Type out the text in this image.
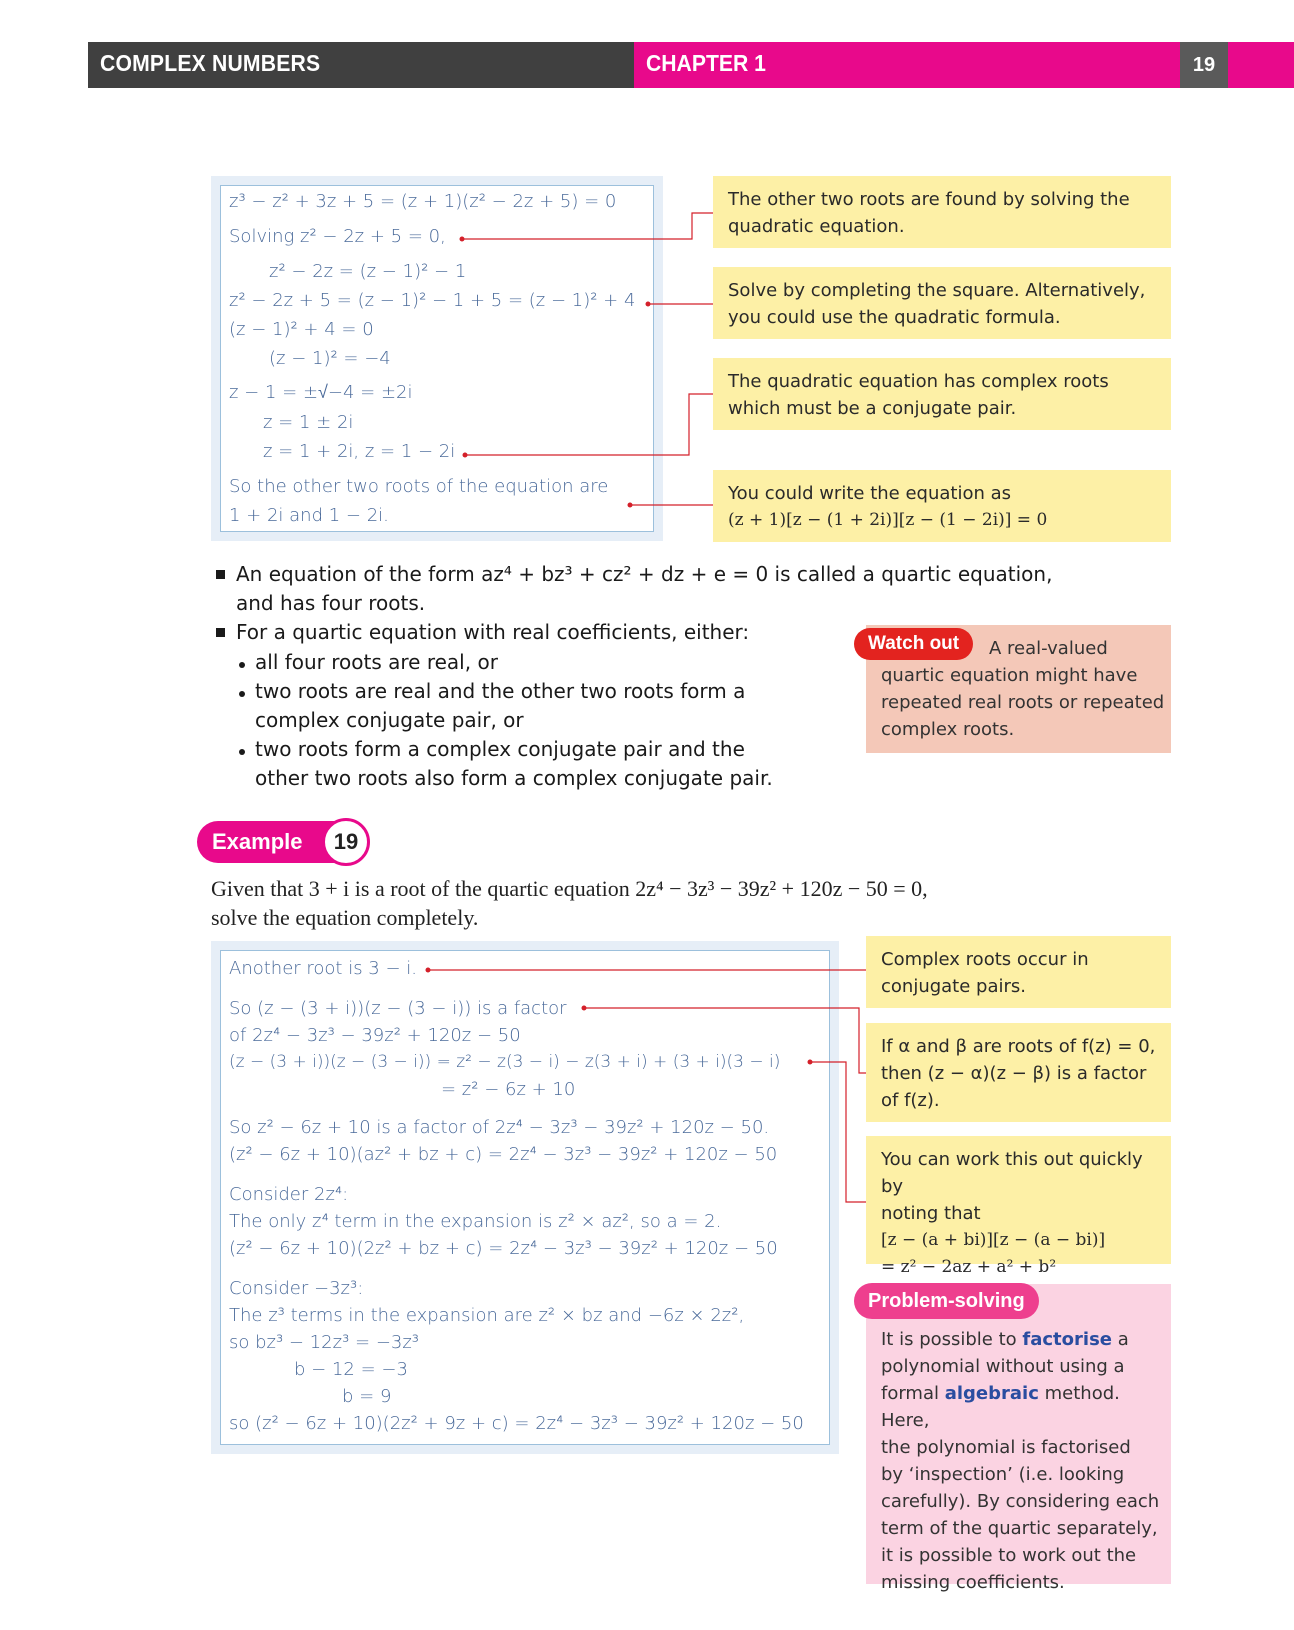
COMPLEX NUMBERS	CHAPTER 1	19
z³ − z² + 3z + 5 = (z + 1)(z² − 2z + 5) = 0
Solving z² − 2z + 5 = 0,
z² − 2z = (z − 1)² − 1
z² − 2z + 5 = (z − 1)² − 1 + 5 = (z − 1)² + 4
(z − 1)² + 4 = 0
(z − 1)² = −4
z − 1 = ±√−4 = ±2i
z = 1 ± 2i
z = 1 + 2i, z = 1 − 2i
So the other two roots of the equation are
1 + 2i and 1 − 2i.
The other two roots are found by solving the quadratic equation.
Solve by completing the square. Alternatively, you could use the quadratic formula.
The quadratic equation has complex roots which must be a conjugate pair.
You could write the equation as
(z + 1)[z − (1 + 2i)][z − (1 − 2i)] = 0
An equation of the form az⁴ + bz³ + cz² + dz + e = 0 is called a quartic equation,
and has four roots.
For a quartic equation with real coefficients, either:
all four roots are real, or
two roots are real and the other two roots form a
complex conjugate pair, or
two roots form a complex conjugate pair and the
other two roots also form a complex conjugate pair.
A real-valued
quartic equation might have
repeated real roots or repeated
complex roots.
Watch out
Example	19
Given that 3 + i is a root of the quartic equation 2z⁴ − 3z³ − 39z² + 120z − 50 = 0,
solve the equation completely.
Another root is 3 − i.
So (z − (3 + i))(z − (3 − i)) is a factor
of 2z⁴ − 3z³ − 39z² + 120z − 50
(z − (3 + i))(z − (3 − i)) = z² − z(3 − i) − z(3 + i) + (3 + i)(3 − i)
= z² − 6z + 10
So z² − 6z + 10 is a factor of 2z⁴ − 3z³ − 39z² + 120z − 50.
(z² − 6z + 10)(az² + bz + c) = 2z⁴ − 3z³ − 39z² + 120z − 50
Consider 2z⁴:
The only z⁴ term in the expansion is z² × az², so a = 2.
(z² − 6z + 10)(2z² + bz + c) = 2z⁴ − 3z³ − 39z² + 120z − 50
Consider −3z³:
The z³ terms in the expansion are z² × bz and −6z × 2z²,
so bz³ − 12z³ = −3z³
b − 12 = −3
b = 9
so (z² − 6z + 10)(2z² + 9z + c) = 2z⁴ − 3z³ − 39z² + 120z − 50
Complex roots occur in
conjugate pairs.
If α and β are roots of f(z) = 0,
then (z − α)(z − β) is a factor
of f(z).
You can work this out quickly by
noting that
[z − (a + bi)][z − (a − bi)]
= z² − 2az + a² + b²
It is possible to factorise a
polynomial without using a
formal algebraic method. Here,
the polynomial is factorised
by ‘inspection’ (i.e. looking
carefully). By considering each
term of the quartic separately,
it is possible to work out the
missing coefficients.
Problem-solving
